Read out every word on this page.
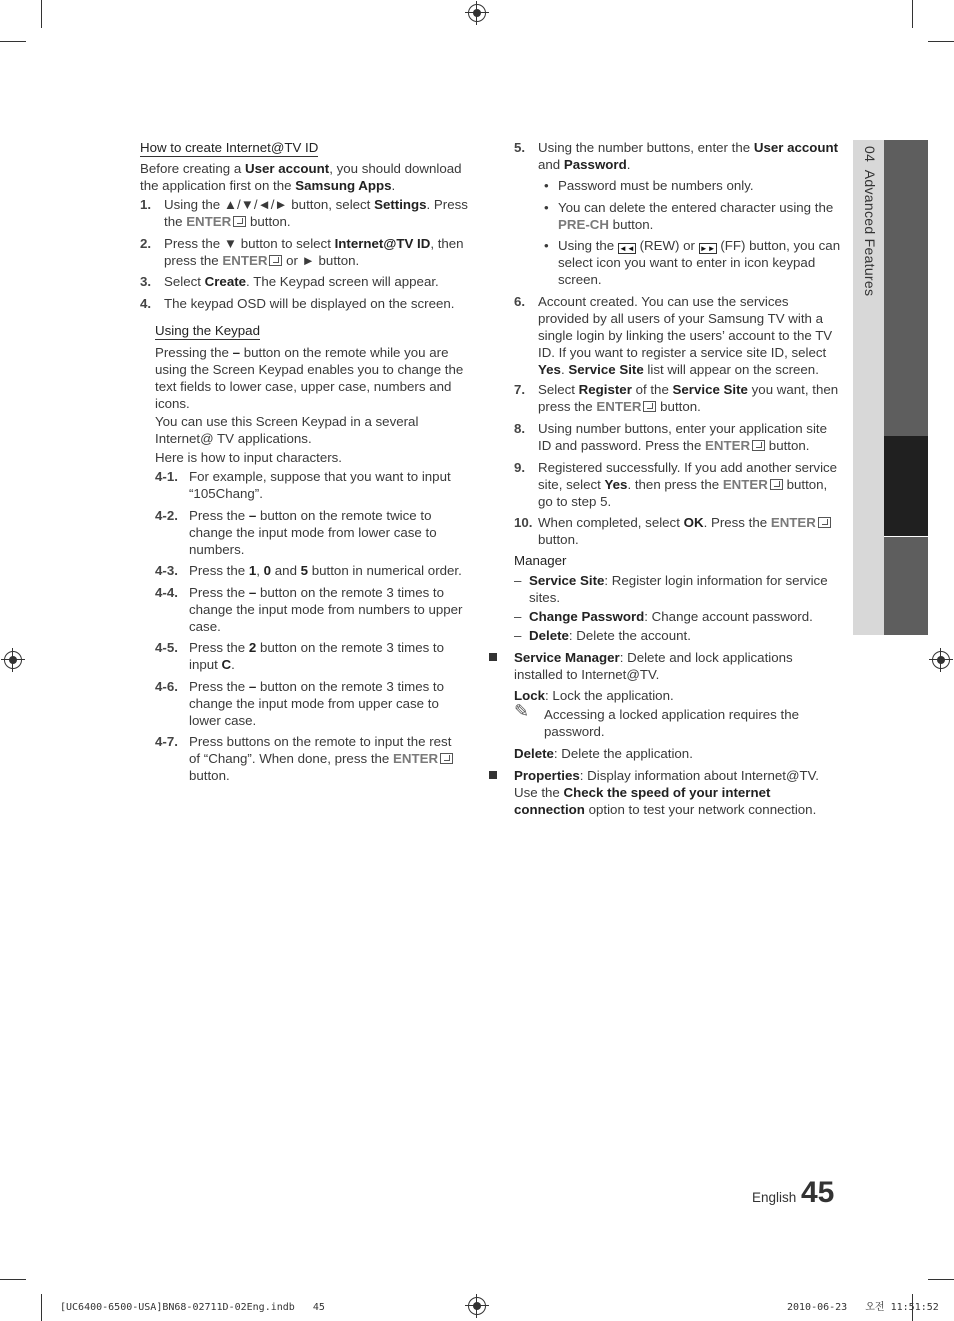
04  Advanced Features
How to create Internet@TV ID
Before creating a User account, you should download the application first on the Samsung Apps.
1. Using the ▲/▼/◄/► button, select Settings. Press the ENTER button.
2. Press the ▼ button to select Internet@TV ID, then press the ENTER or ► button.
3. Select Create. The Keypad screen will appear.
4. The keypad OSD will be displayed on the screen.
Using the Keypad
Pressing the – button on the remote while you are using the Screen Keypad enables you to change the text fields to lower case, upper case, numbers and icons.
You can use this Screen Keypad in a several Internet@ TV applications.
Here is how to input characters.
4-1. For example, suppose that you want to input “105Chang”.
4-2. Press the – button on the remote twice to change the input mode from lower case to numbers.
4-3. Press the 1, 0 and 5 button in numerical order.
4-4. Press the – button on the remote 3 times to change the input mode from numbers to upper case.
4-5. Press the 2 button on the remote 3 times to input C.
4-6. Press the – button on the remote 3 times to change the input mode from upper case to lower case.
4-7. Press buttons on the remote to input the rest of “Chang”. When done, press the ENTER button.
5. Using the number buttons, enter the User account and Password.
• Password must be numbers only.
• You can delete the entered character using the PRE-CH button.
• Using the ◄◄ (REW) or ►► (FF) button, you can select icon you want to enter in icon keypad screen.
6. Account created. You can use the services provided by all users of your Samsung TV with a single login by linking the users’ account to the TV ID. If you want to register a service site ID, select Yes. Service Site list will appear on the screen.
7. Select Register of the Service Site you want, then press the ENTER button.
8. Using number buttons, enter your application site ID and password. Press the ENTER button.
9. Registered successfully. If you add another service site, select Yes. then press the ENTER button, go to step 5.
10. When completed, select OK. Press the ENTER button.
Manager
– Service Site: Register login information for service sites.
– Change Password: Change account password.
– Delete: Delete the account.
Service Manager: Delete and lock applications installed to Internet@TV.
Lock: Lock the application.
✎ Accessing a locked application requires the password.
Delete: Delete the application.
Properties: Display information about Internet@TV. Use the Check the speed of your internet connection option to test your network connection.
English 45
[UC6400-6500-USA]BN68-02711D-02Eng.indb   45	2010-06-23   오전 11:51:52
